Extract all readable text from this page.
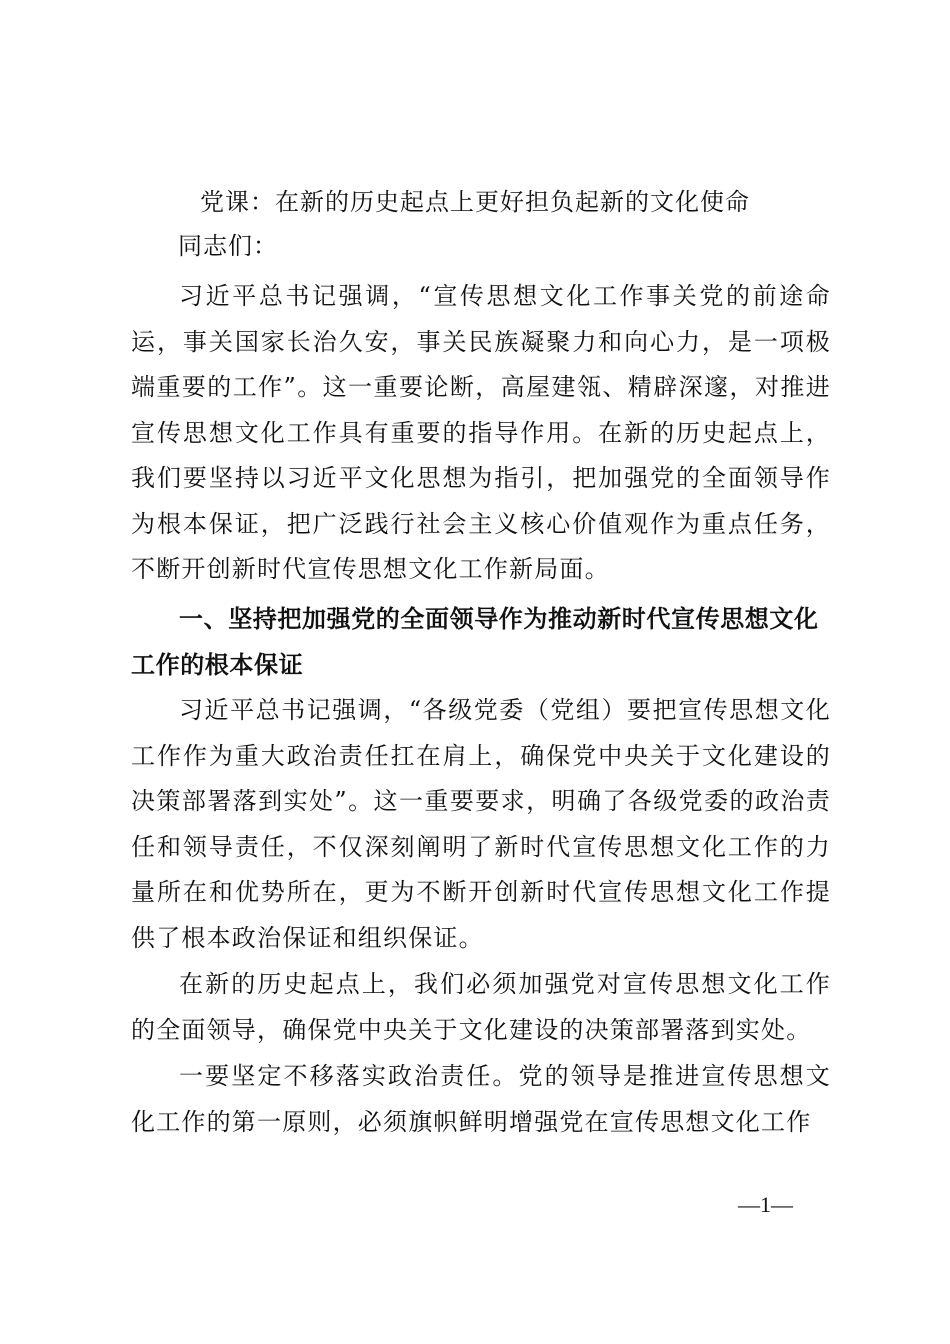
党课：在新的历史起点上更好担负起新的文化使命
同志们：

习近平总书记强调，“宣传思想文化工作事关党的前途命运，事关国家长治久安，事关民族凝聚力和向心力，是一项极端重要的工作”。这一重要论断，高屋建瓴、精辟深邃，对推进宣传思想文化工作具有重要的指导作用。在新的历史起点上，我们要坚持以习近平文化思想为指引，把加强党的全面领导作为根本保证，把广泛践行社会主义核心价值观作为重点任务，不断开创新时代宣传思想文化工作新局面。

一、坚持把加强党的全面领导作为推动新时代宣传思想文化工作的根本保证

习近平总书记强调，“各级党委（党组）要把宣传思想文化工作作为重大政治责任扛在肩上，确保党中央关于文化建设的决策部署落到实处”。这一重要要求，明确了各级党委的政治责任和领导责任，不仅深刻阐明了新时代宣传思想文化工作的力量所在和优势所在，更为不断开创新时代宣传思想文化工作提供了根本政治保证和组织保证。

在新的历史起点上，我们必须加强党对宣传思想文化工作的全面领导，确保党中央关于文化建设的决策部署落到实处。

一要坚定不移落实政治责任。党的领导是推进宣传思想文化工作的第一原则，必须旗帜鲜明增强党在宣传思想文化工作

—1—
